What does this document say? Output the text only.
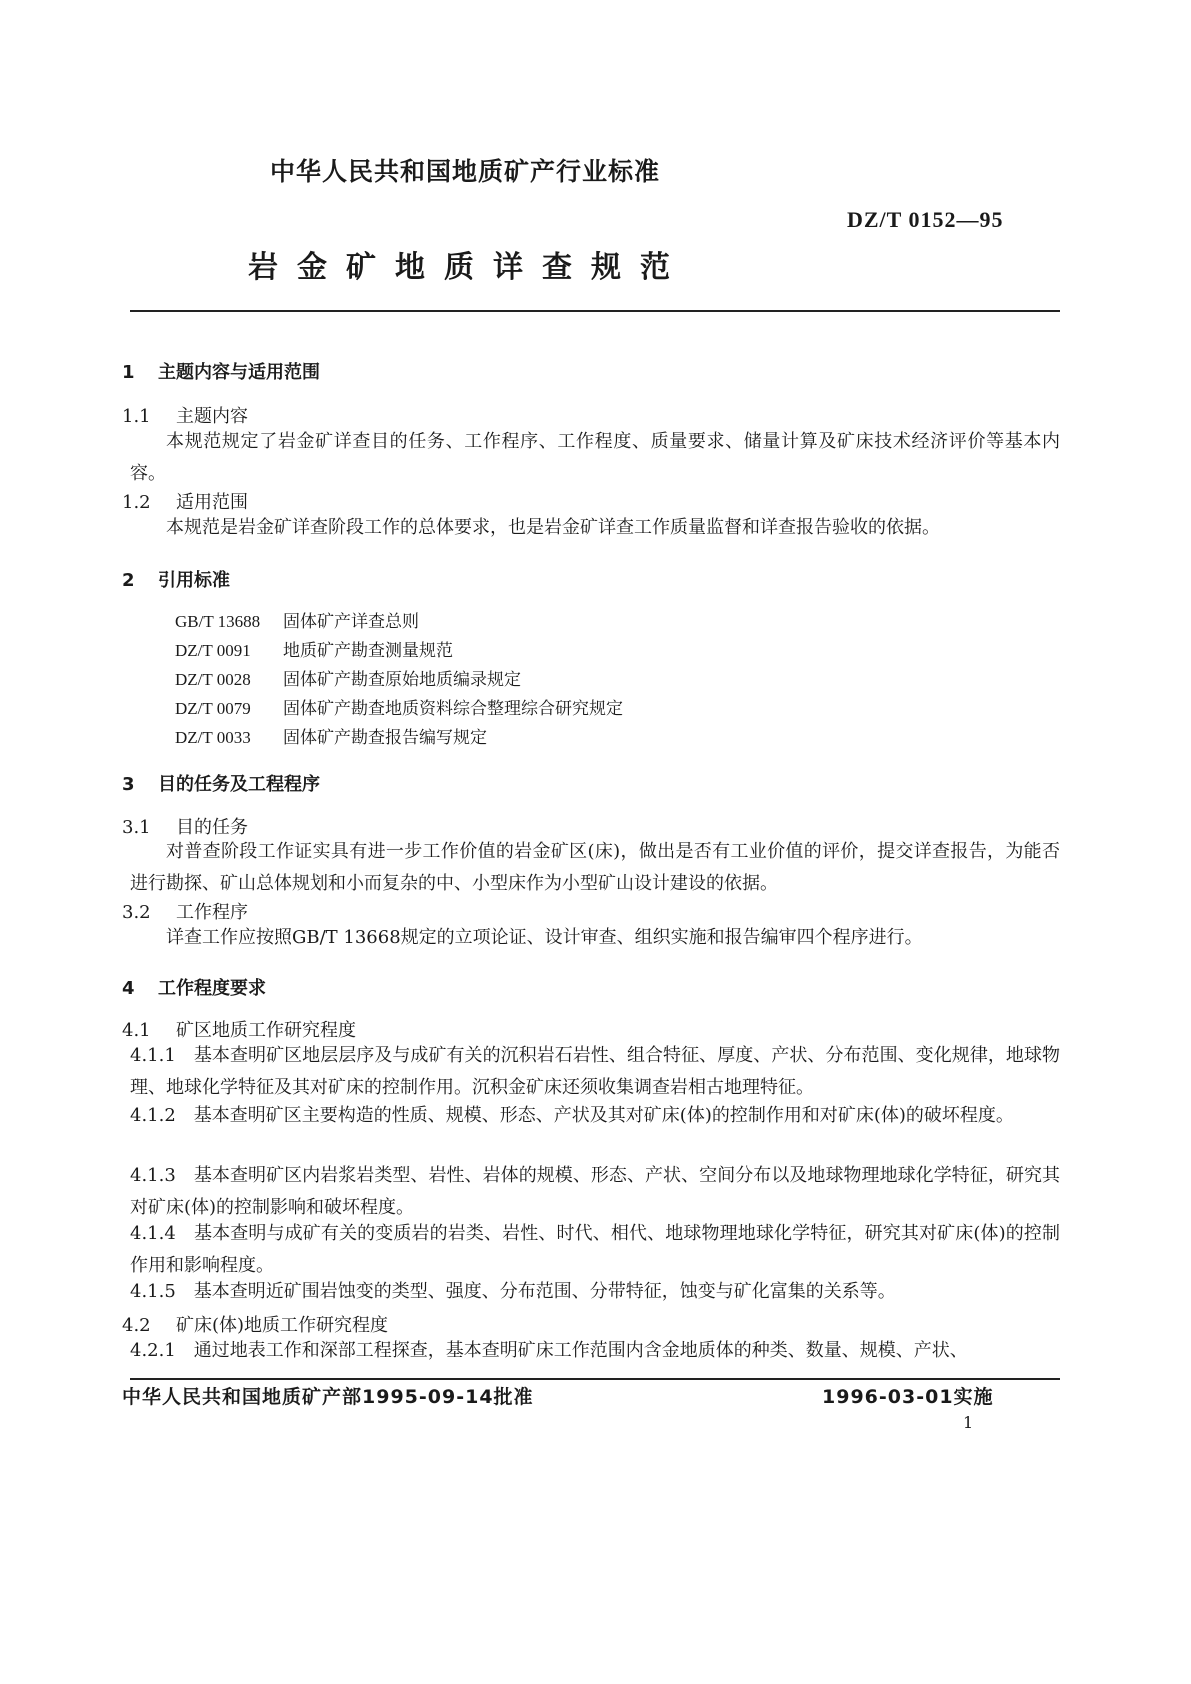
中华人民共和国地质矿产行业标准
DZ/T 0152—95
岩金矿地质详查规范
1 主题内容与适用范围
1.1 主题内容
本规范规定了岩金矿详查目的任务、工作程序、工作程度、质量要求、储量计算及矿床技术经济评价等基本内容。
1.2 适用范围
本规范是岩金矿详查阶段工作的总体要求，也是岩金矿详查工作质量监督和详查报告验收的依据。
2 引用标准
GB/T 13688 固体矿产详查总则
DZ/T 0091 地质矿产勘查测量规范
DZ/T 0028 固体矿产勘查原始地质编录规定
DZ/T 0079 固体矿产勘查地质资料综合整理综合研究规定
DZ/T 0033 固体矿产勘查报告编写规定
3 目的任务及工程程序
3.1 目的任务
对普查阶段工作证实具有进一步工作价值的岩金矿区(床)，做出是否有工业价值的评价，提交详查报告，为能否进行勘探、矿山总体规划和小而复杂的中、小型床作为小型矿山设计建设的依据。
3.2 工作程序
详查工作应按照GB/T 13668规定的立项论证、设计审查、组织实施和报告编审四个程序进行。
4 工作程度要求
4.1 矿区地质工作研究程度
4.1.1　基本查明矿区地层层序及与成矿有关的沉积岩石岩性、组合特征、厚度、产状、分布范围、变化规律，地球物理、地球化学特征及其对矿床的控制作用。沉积金矿床还须收集调查岩相古地理特征。
4.1.2　基本查明矿区主要构造的性质、规模、形态、产状及其对矿床(体)的控制作用和对矿床(体)的破坏程度。
4.1.3　基本查明矿区内岩浆岩类型、岩性、岩体的规模、形态、产状、空间分布以及地球物理地球化学特征，研究其对矿床(体)的控制影响和破坏程度。
4.1.4　基本查明与成矿有关的变质岩的岩类、岩性、时代、相代、地球物理地球化学特征，研究其对矿床(体)的控制作用和影响程度。
4.1.5　基本查明近矿围岩蚀变的类型、强度、分布范围、分带特征，蚀变与矿化富集的关系等。
4.2 矿床(体)地质工作研究程度
4.2.1　通过地表工作和深部工程探查，基本查明矿床工作范围内含金地质体的种类、数量、规模、产状、
中华人民共和国地质矿产部1995-09-14批准	1996-03-01实施
1
